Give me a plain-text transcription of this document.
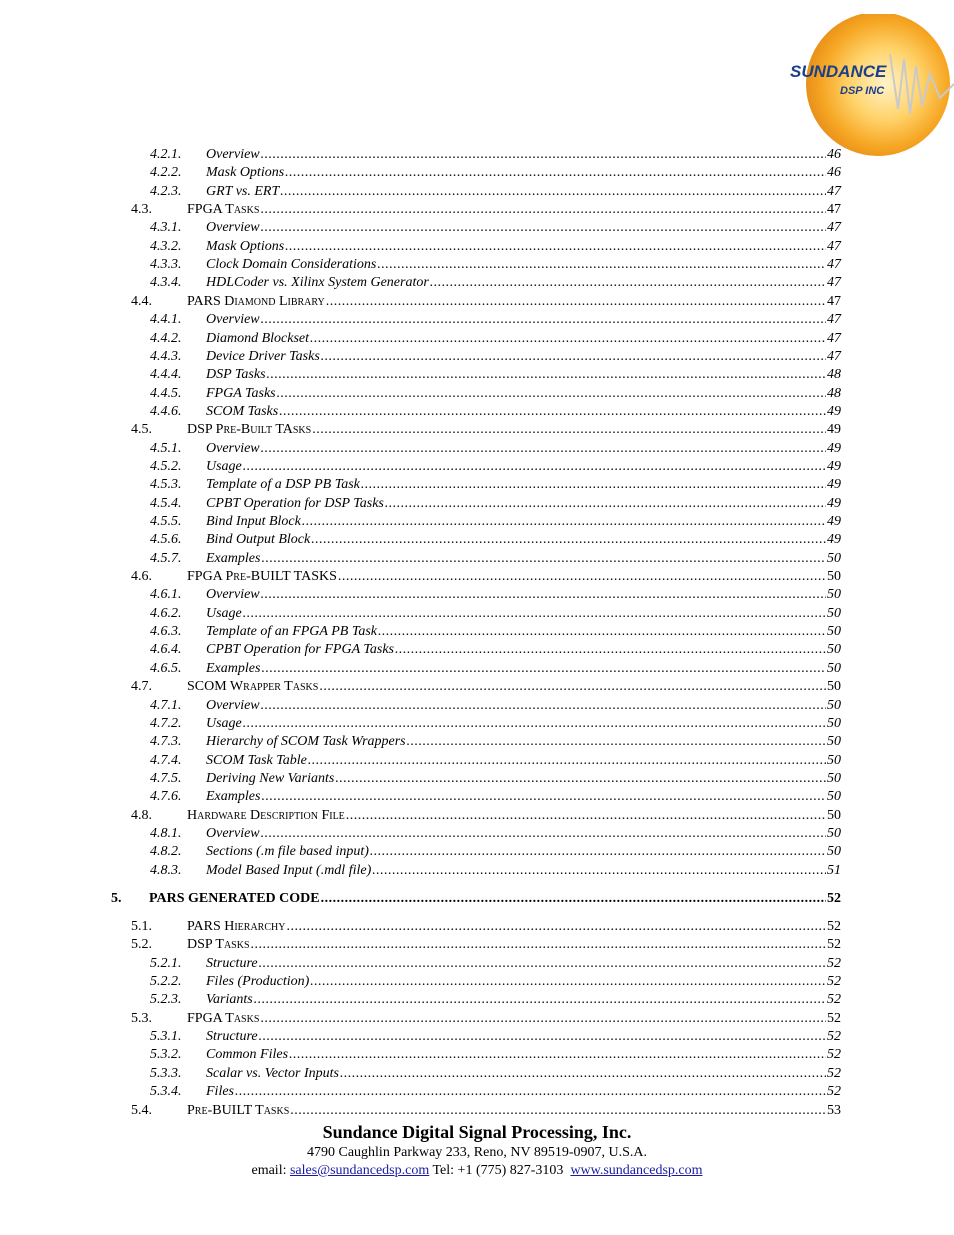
SUNDANCE
DSP INC
4.2.1.	Overview .....	46
4.2.2.	Mask Options .....	46
4.2.3.	GRT vs. ERT .....	47
4.3.	FPGA Tasks .....	47
4.3.1.	Overview .....	47
4.3.2.	Mask Options .....	47
4.3.3.	Clock Domain Considerations .....	47
4.3.4.	HDLCoder vs. Xilinx System Generator .....	47
4.4.	PARS Diamond Library .....	47
4.4.1.	Overview .....	47
4.4.2.	Diamond Blockset .....	47
4.4.3.	Device Driver Tasks .....	47
4.4.4.	DSP Tasks .....	48
4.4.5.	FPGA Tasks .....	48
4.4.6.	SCOM Tasks .....	49
4.5.	DSP Pre-Built TAsks .....	49
4.5.1.	Overview .....	49
4.5.2.	Usage .....	49
4.5.3.	Template of a DSP PB Task .....	49
4.5.4.	CPBT Operation for DSP Tasks .....	49
4.5.5.	Bind Input Block .....	49
4.5.6.	Bind Output Block .....	49
4.5.7.	Examples .....	50
4.6.	FPGA Pre-BUILT TASKS .....	50
4.6.1.	Overview .....	50
4.6.2.	Usage .....	50
4.6.3.	Template of an FPGA PB Task .....	50
4.6.4.	CPBT Operation for FPGA Tasks .....	50
4.6.5.	Examples .....	50
4.7.	SCOM Wrapper Tasks .....	50
4.7.1.	Overview .....	50
4.7.2.	Usage .....	50
4.7.3.	Hierarchy of SCOM Task Wrappers .....	50
4.7.4.	SCOM Task Table .....	50
4.7.5.	Deriving New Variants .....	50
4.7.6.	Examples .....	50
4.8.	Hardware Description File .....	50
4.8.1.	Overview .....	50
4.8.2.	Sections (.m file based input) .....	50
4.8.3.	Model Based Input (.mdl file) .....	51
5.	PARS GENERATED CODE .....	52
5.1.	PARS Hierarchy .....	52
5.2.	DSP Tasks .....	52
5.2.1.	Structure .....	52
5.2.2.	Files (Production) .....	52
5.2.3.	Variants .....	52
5.3.	FPGA Tasks .....	52
5.3.1.	Structure .....	52
5.3.2.	Common Files .....	52
5.3.3.	Scalar vs. Vector Inputs .....	52
5.3.4.	Files .....	52
5.4.	Pre-BUILT Tasks .....	53

Sundance Digital Signal Processing, Inc.

4790 Caughlin Parkway 233, Reno, NV 89519-0907, U.S.A.

email: sales@sundancedsp.com Tel: +1 (775) 827-3103 www.sundancedsp.com
